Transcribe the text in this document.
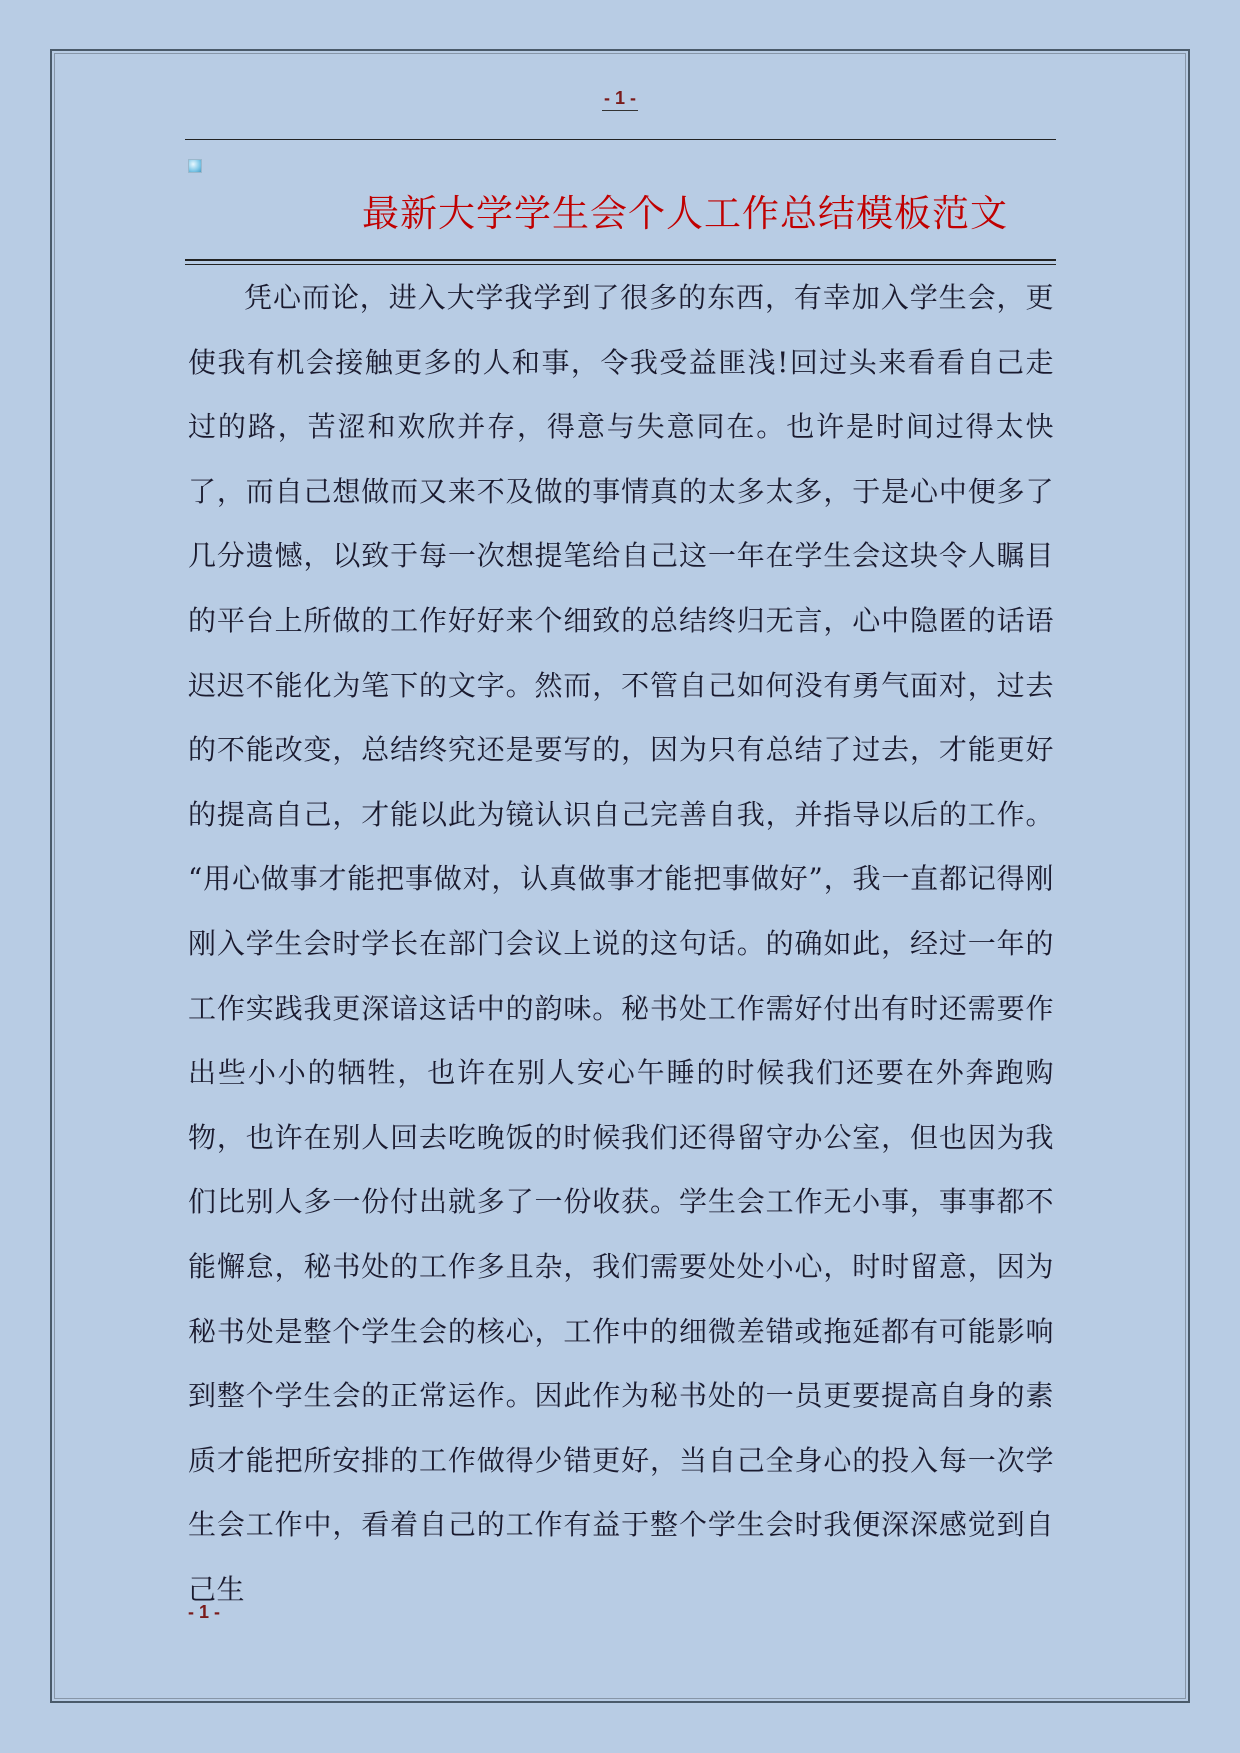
- 1 -
最新大学学生会个人工作总结模板范文

凭心而论，进入大学我学到了很多的东西，有幸加入学生会，更使我有机会接触更多的人和事，令我受益匪浅!回过头来看看自己走过的路，苦涩和欢欣并存，得意与失意同在。也许是时间过得太快了，而自己想做而又来不及做的事情真的太多太多，于是心中便多了几分遗憾，以致于每一次想提笔给自己这一年在学生会这块令人瞩目的平台上所做的工作好好来个细致的总结终归无言，心中隐匿的话语迟迟不能化为笔下的文字。然而，不管自己如何没有勇气面对，过去的不能改变，总结终究还是要写的，因为只有总结了过去，才能更好的提高自己，才能以此为镜认识自己完善自我，并指导以后的工作。 “用心做事才能把事做对，认真做事才能把事做好”，我一直都记得刚刚入学生会时学长在部门会议上说的这句话。的确如此，经过一年的工作实践我更深谙这话中的韵味。秘书处工作需好付出有时还需要作出些小小的牺牲，也许在别人安心午睡的时候我们还要在外奔跑购物，也许在别人回去吃晚饭的时候我们还得留守办公室，但也因为我们比别人多一份付出就多了一份收获。学生会工作无小事，事事都不能懈怠，秘书处的工作多且杂，我们需要处处小心，时时留意，因为秘书处是整个学生会的核心，工作中的细微差错或拖延都有可能影响到整个学生会的正常运作。因此作为秘书处的一员更要提高自身的素质才能把所安排的工作做得少错更好，当自己全身心的投入每一次学生会工作中，看着自己的工作有益于整个学生会时我便深深感觉到自己生

- 1 -
